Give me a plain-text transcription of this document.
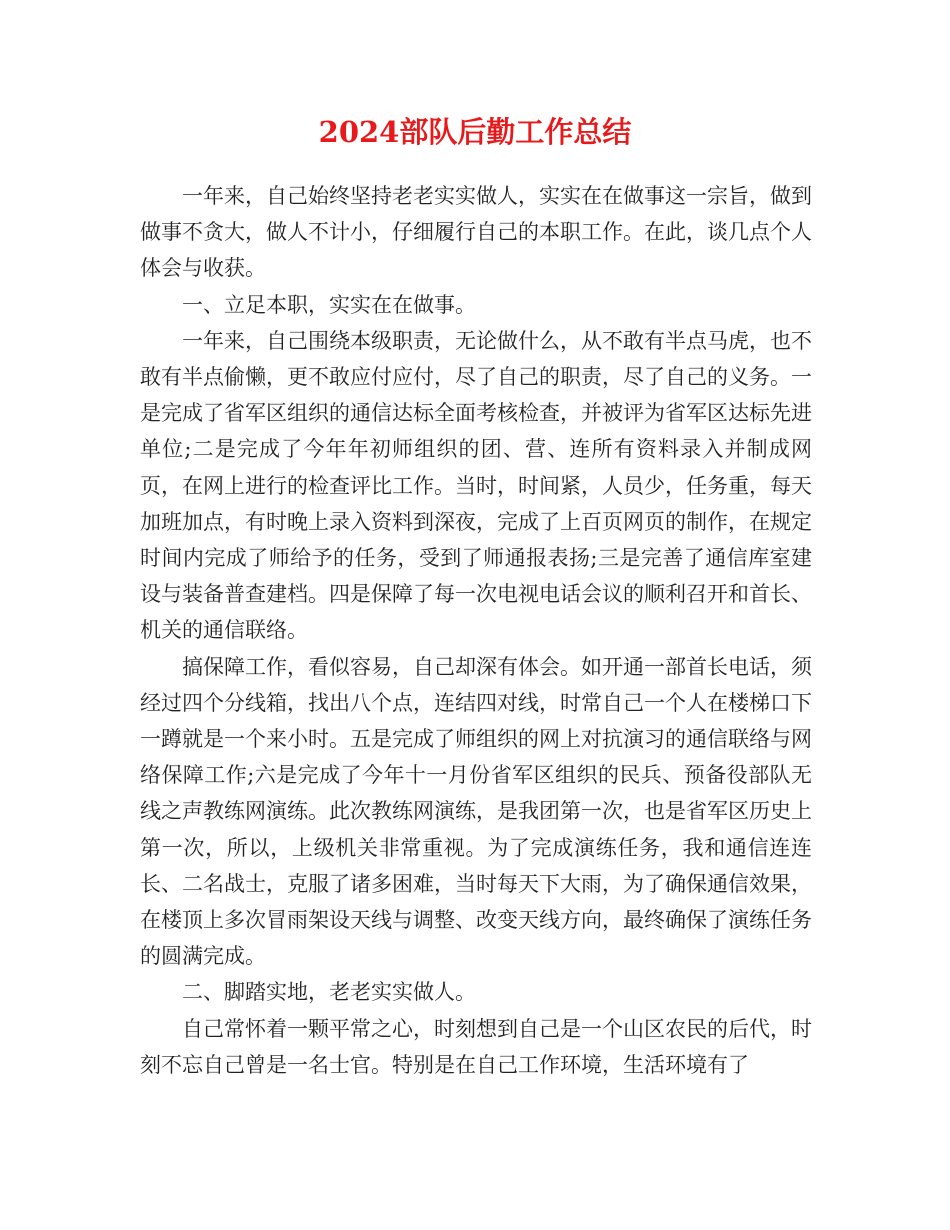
2024部队后勤工作总结

一年来，自己始终坚持老老实实做人，实实在在做事这一宗旨，做到做事不贪大，做人不计小，仔细履行自己的本职工作。在此，谈几点个人体会与收获。

一、立足本职，实实在在做事。

一年来，自己围绕本级职责，无论做什么，从不敢有半点马虎，也不敢有半点偷懒，更不敢应付应付，尽了自己的职责，尽了自己的义务。一是完成了省军区组织的通信达标全面考核检查，并被评为省军区达标先进单位;二是完成了今年年初师组织的团、营、连所有资料录入并制成网页，在网上进行的检查评比工作。当时，时间紧，人员少，任务重，每天加班加点，有时晚上录入资料到深夜，完成了上百页网页的制作，在规定时间内完成了师给予的任务，受到了师通报表扬;三是完善了通信库室建设与装备普查建档。四是保障了每一次电视电话会议的顺利召开和首长、机关的通信联络。

搞保障工作，看似容易，自己却深有体会。如开通一部首长电话，须经过四个分线箱，找出八个点，连结四对线，时常自己一个人在楼梯口下一蹲就是一个来小时。五是完成了师组织的网上对抗演习的通信联络与网络保障工作;六是完成了今年十一月份省军区组织的民兵、预备役部队无线之声教练网演练。此次教练网演练，是我团第一次，也是省军区历史上第一次，所以，上级机关非常重视。为了完成演练任务，我和通信连连长、二名战士，克服了诸多困难，当时每天下大雨，为了确保通信效果，在楼顶上多次冒雨架设天线与调整、改变天线方向，最终确保了演练任务的圆满完成。

二、脚踏实地，老老实实做人。

自己常怀着一颗平常之心，时刻想到自己是一个山区农民的后代，时刻不忘自己曾是一名士官。特别是在自己工作环境，生活环境有了
